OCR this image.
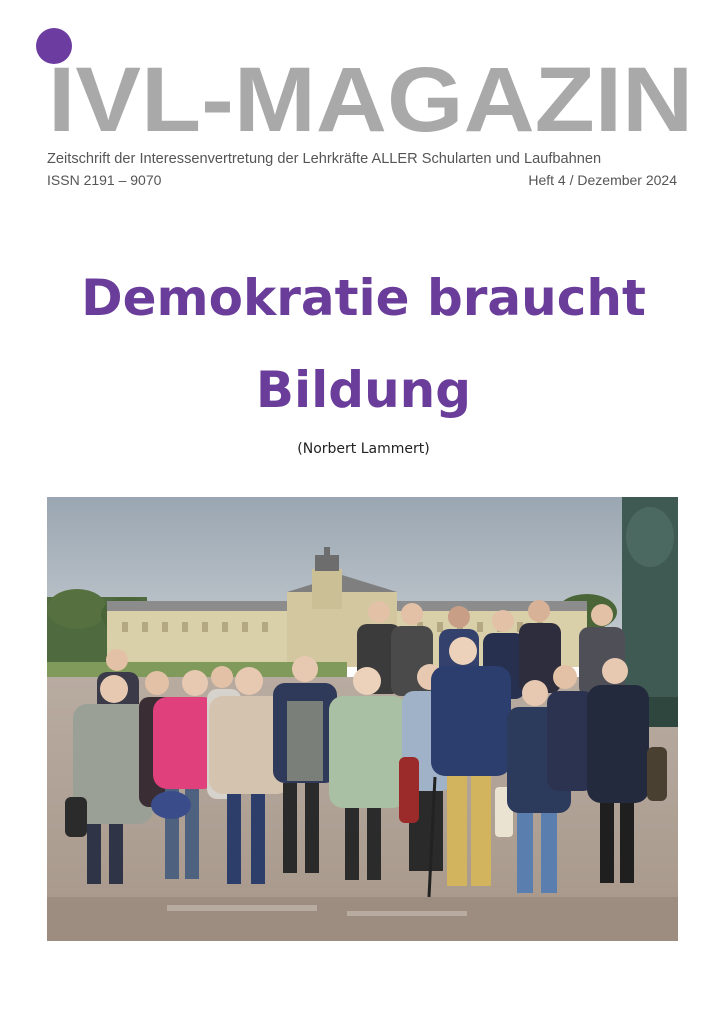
IVL-MAGAZIN
Zeitschrift der Interessenvertretung der Lehrkräfte ALLER Schularten und Laufbahnen
ISSN 2191 – 9070	Heft 4 / Dezember 2024
Demokratie braucht
Bildung
(Norbert Lammert)
